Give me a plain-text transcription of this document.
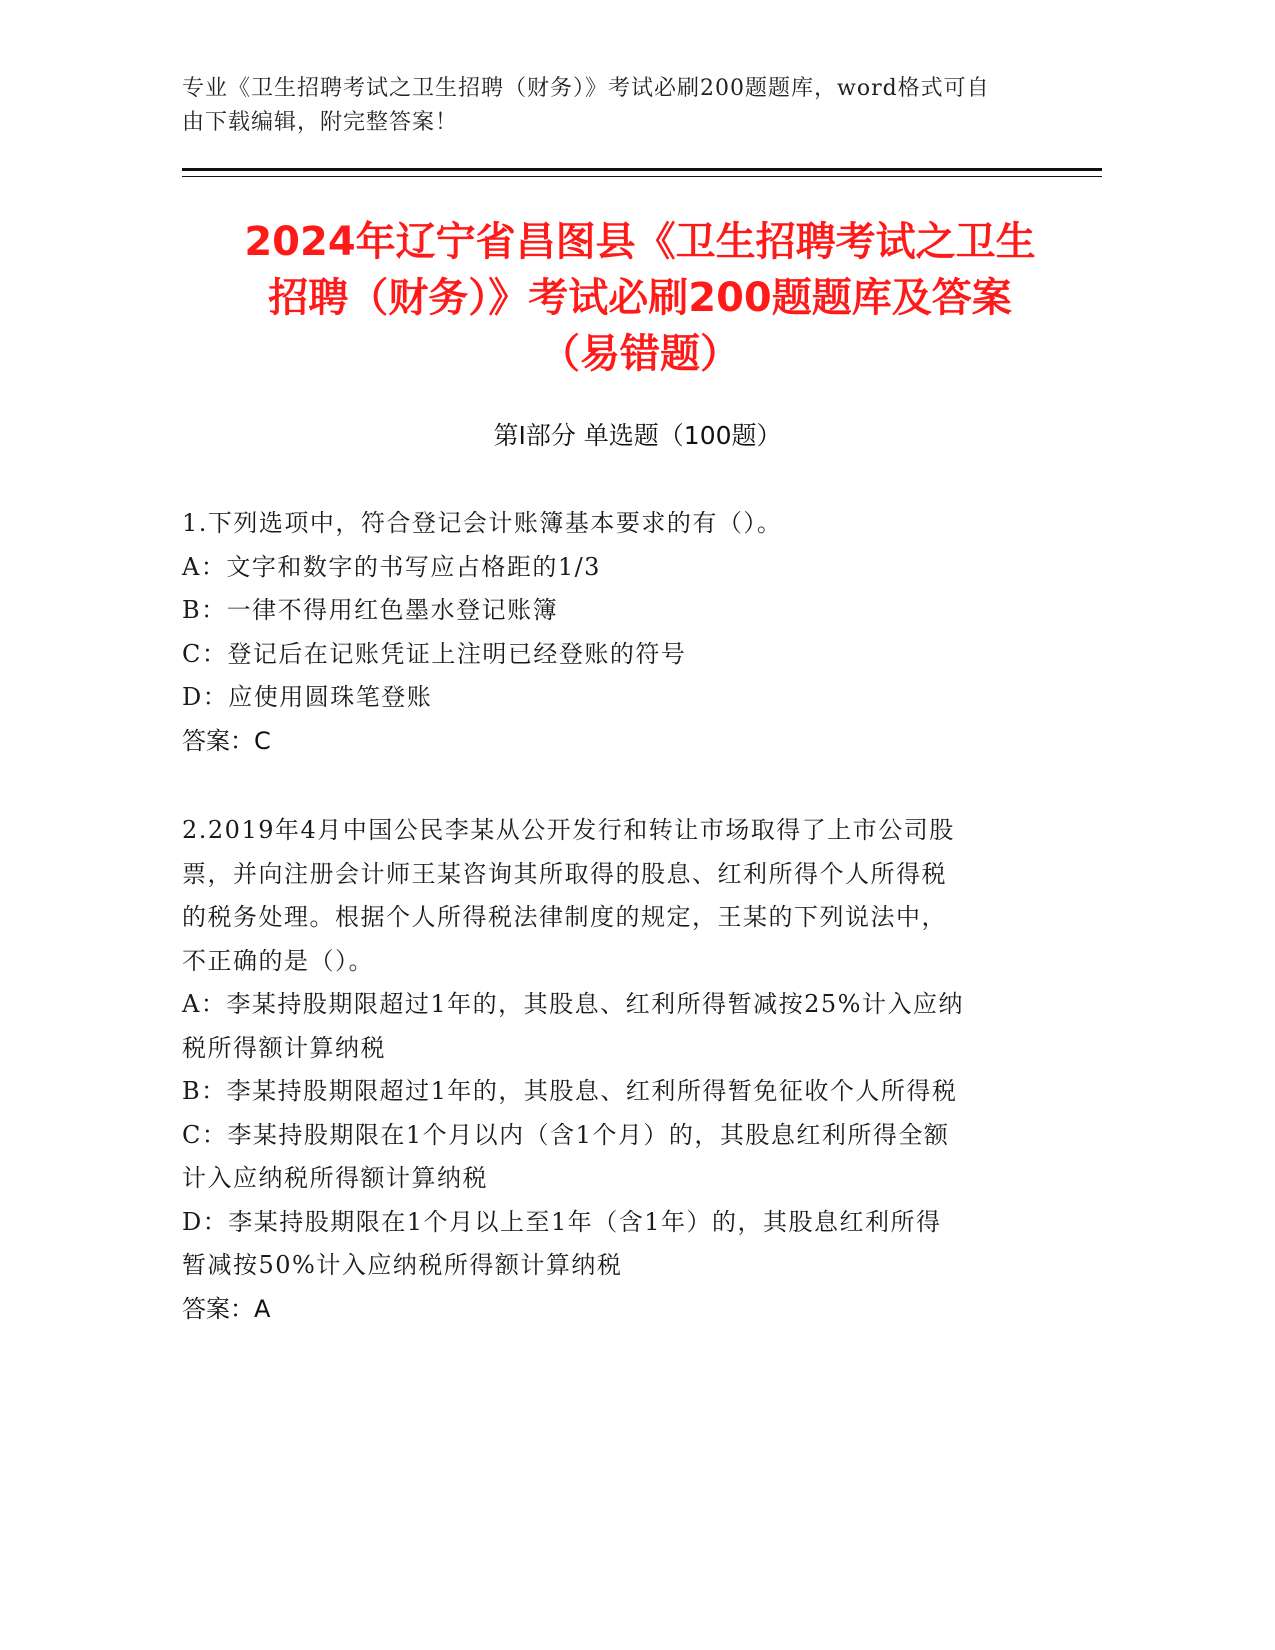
专业《卫生招聘考试之卫生招聘（财务）》考试必刷200题题库，word格式可自
由下载编辑，附完整答案！
2024年辽宁省昌图县《卫生招聘考试之卫生
招聘（财务）》考试必刷200题题库及答案
（易错题）
第Ⅰ部分 单选题（100题）
1.下列选项中，符合登记会计账簿基本要求的有（）。
A：文字和数字的书写应占格距的1/3
B：一律不得用红色墨水登记账簿
C：登记后在记账凭证上注明已经登账的符号
D：应使用圆珠笔登账
答案：C
2.2019年4月中国公民李某从公开发行和转让市场取得了上市公司股
票，并向注册会计师王某咨询其所取得的股息、红利所得个人所得税
的税务处理。根据个人所得税法律制度的规定，王某的下列说法中，
不正确的是（）。
A：李某持股期限超过1年的，其股息、红利所得暂减按25%计入应纳
税所得额计算纳税
B：李某持股期限超过1年的，其股息、红利所得暂免征收个人所得税
C：李某持股期限在1个月以内（含1个月）的，其股息红利所得全额
计入应纳税所得额计算纳税
D：李某持股期限在1个月以上至1年（含1年）的，其股息红利所得
暂减按50%计入应纳税所得额计算纳税
答案：A
